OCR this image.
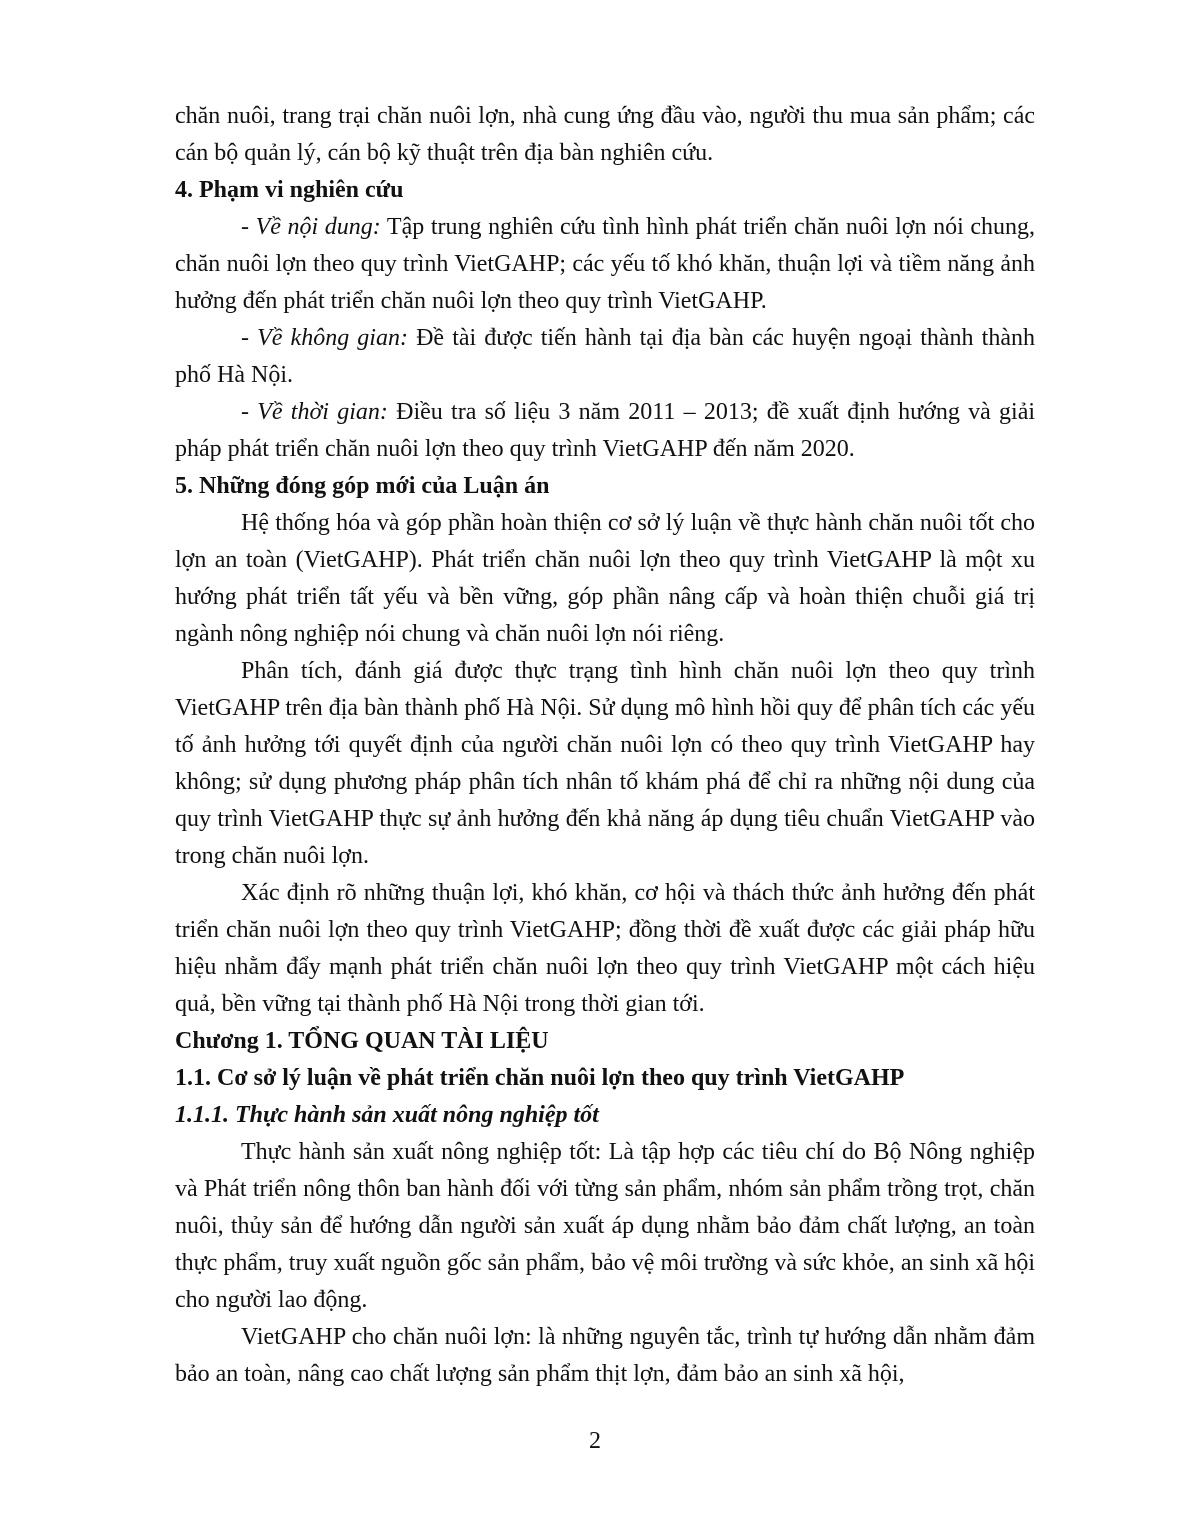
chăn nuôi, trang trại chăn nuôi lợn, nhà cung ứng đầu vào, người thu mua sản phẩm; các cán bộ quản lý, cán bộ kỹ thuật trên địa bàn nghiên cứu.

4. Phạm vi nghiên cứu

- Về nội dung: Tập trung nghiên cứu tình hình phát triển chăn nuôi lợn nói chung, chăn nuôi lợn theo quy trình VietGAHP; các yếu tố khó khăn, thuận lợi và tiềm năng ảnh hưởng đến phát triển chăn nuôi lợn theo quy trình VietGAHP.

- Về không gian: Đề tài được tiến hành tại địa bàn các huyện ngoại thành thành phố Hà Nội.

- Về thời gian: Điều tra số liệu 3 năm 2011 – 2013; đề xuất định hướng và giải pháp phát triển chăn nuôi lợn theo quy trình VietGAHP đến năm 2020.

5. Những đóng góp mới của Luận án

Hệ thống hóa và góp phần hoàn thiện cơ sở lý luận về thực hành chăn nuôi tốt cho lợn an toàn (VietGAHP). Phát triển chăn nuôi lợn theo quy trình VietGAHP là một xu hướng phát triển tất yếu và bền vững, góp phần nâng cấp và hoàn thiện chuỗi giá trị ngành nông nghiệp nói chung và chăn nuôi lợn nói riêng.

Phân tích, đánh giá được thực trạng tình hình chăn nuôi lợn theo quy trình VietGAHP trên địa bàn thành phố Hà Nội. Sử dụng mô hình hồi quy để phân tích các yếu tố ảnh hưởng tới quyết định của người chăn nuôi lợn có theo quy trình VietGAHP hay không; sử dụng phương pháp phân tích nhân tố khám phá để chỉ ra những nội dung của quy trình VietGAHP thực sự ảnh hưởng đến khả năng áp dụng tiêu chuẩn VietGAHP vào trong chăn nuôi lợn.

Xác định rõ những thuận lợi, khó khăn, cơ hội và thách thức ảnh hưởng đến phát triển chăn nuôi lợn theo quy trình VietGAHP; đồng thời đề xuất được các giải pháp hữu hiệu nhằm đẩy mạnh phát triển chăn nuôi lợn theo quy trình VietGAHP một cách hiệu quả, bền vững tại thành phố Hà Nội trong thời gian tới.

Chương 1. TỔNG QUAN TÀI LIỆU

1.1. Cơ sở lý luận về phát triển chăn nuôi lợn theo quy trình VietGAHP

1.1.1. Thực hành sản xuất nông nghiệp tốt

Thực hành sản xuất nông nghiệp tốt: Là tập hợp các tiêu chí do Bộ Nông nghiệp và Phát triển nông thôn ban hành đối với từng sản phẩm, nhóm sản phẩm trồng trọt, chăn nuôi, thủy sản để hướng dẫn người sản xuất áp dụng nhằm bảo đảm chất lượng, an toàn thực phẩm, truy xuất nguồn gốc sản phẩm, bảo vệ môi trường và sức khỏe, an sinh xã hội cho người lao động.

VietGAHP cho chăn nuôi lợn: là những nguyên tắc, trình tự hướng dẫn nhằm đảm bảo an toàn, nâng cao chất lượng sản phẩm thịt lợn, đảm bảo an sinh xã hội,

2
